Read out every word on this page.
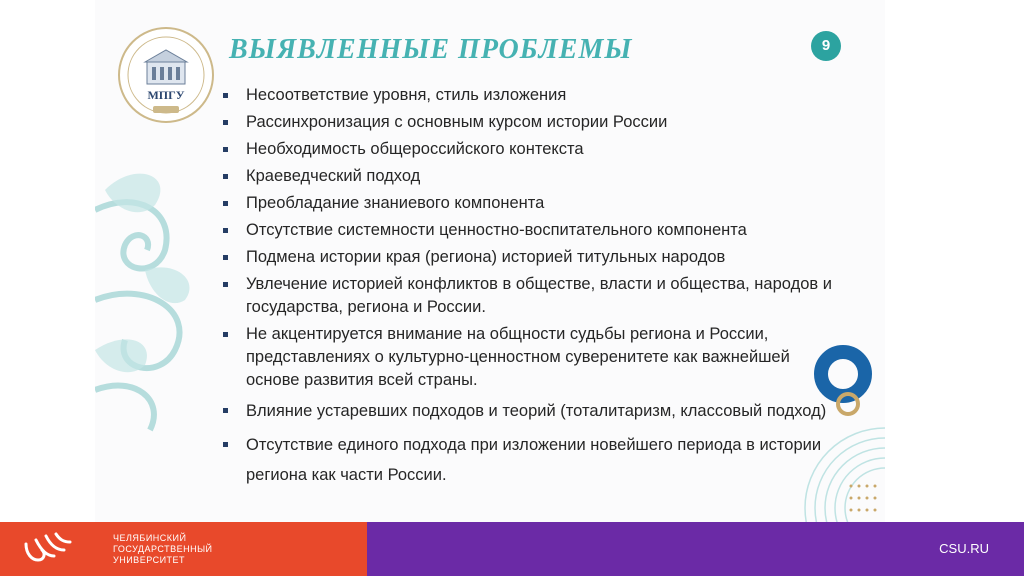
МПГУ
ВЫЯВЛЕННЫЕ ПРОБЛЕМЫ	9
Несоответствие уровня, стиль изложения
Рассинхронизация с основным курсом истории России
Необходимость общероссийского контекста
Краеведческий подход
Преобладание знаниевого компонента
Отсутствие системности ценностно-воспитательного компонента
Подмена истории края (региона) историей титульных народов
Увлечение историей конфликтов в обществе, власти и общества, народов и государства, региона и России.
Не акцентируется внимание на общности судьбы региона и России, представлениях о культурно-ценностном суверенитете как важнейшей основе развития всей страны.
Влияние устаревших подходов и теорий (тоталитаризм, классовый подход)
Отсутствие единого подхода при изложении новейшего периода в истории региона как части России.
ЧЕЛЯБИНСКИЙ
ГОСУДАРСТВЕННЫЙ
УНИВЕРСИТЕТ
CSU.RU
